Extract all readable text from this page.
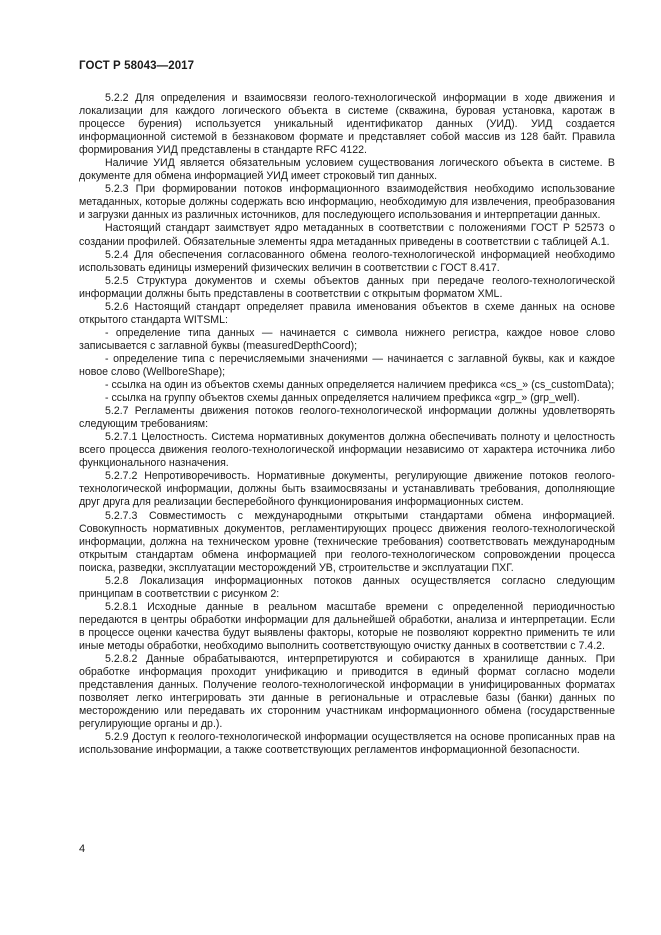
ГОСТ Р 58043—2017

5.2.2 Для определения и взаимосвязи геолого-технологической информации в ходе движения и локализации для каждого логического объекта в системе (скважина, буровая установка, каротаж в процессе бурения) используется уникальный идентификатор данных (УИД). УИД создается информационной системой в беззнаковом формате и представляет собой массив из 128 байт. Правила формирования УИД представлены в стандарте RFC 4122.

Наличие УИД является обязательным условием существования логического объекта в системе. В документе для обмена информацией УИД имеет строковый тип данных.

5.2.3 При формировании потоков информационного взаимодействия необходимо использование метаданных, которые должны содержать всю информацию, необходимую для извлечения, преобразования и загрузки данных из различных источников, для последующего использования и интерпретации данных.

Настоящий стандарт заимствует ядро метаданных в соответствии с положениями ГОСТ Р 52573 о создании профилей. Обязательные элементы ядра метаданных приведены в соответствии с таблицей А.1.

5.2.4 Для обеспечения согласованного обмена геолого-технологической информацией необходимо использовать единицы измерений физических величин в соответствии с ГОСТ 8.417.

5.2.5 Структура документов и схемы объектов данных при передаче геолого-технологической информации должны быть представлены в соответствии с открытым форматом XML.

5.2.6 Настоящий стандарт определяет правила именования объектов в схеме данных на основе открытого стандарта WITSML:

- определение типа данных — начинается с символа нижнего регистра, каждое новое слово записывается с заглавной буквы (measuredDepthCoord);

- определение типа с перечисляемыми значениями — начинается с заглавной буквы, как и каждое новое слово (WellboreShape);

- ссылка на один из объектов схемы данных определяется наличием префикса «cs_» (cs_customData);

- ссылка на группу объектов схемы данных определяется наличием префикса «grp_» (grp_well).

5.2.7 Регламенты движения потоков геолого-технологической информации должны удовлетворять следующим требованиям:

5.2.7.1 Целостность. Система нормативных документов должна обеспечивать полноту и целостность всего процесса движения геолого-технологической информации независимо от характера источника либо функционального назначения.

5.2.7.2 Непротиворечивость. Нормативные документы, регулирующие движение потоков геолого-технологической информации, должны быть взаимосвязаны и устанавливать требования, дополняющие друг друга для реализации бесперебойного функционирования информационных систем.

5.2.7.3 Совместимость с международными открытыми стандартами обмена информацией. Совокупность нормативных документов, регламентирующих процесс движения геолого-технологической информации, должна на техническом уровне (технические требования) соответствовать международным открытым стандартам обмена информацией при геолого-технологическом сопровождении процесса поиска, разведки, эксплуатации месторождений УВ, строительстве и эксплуатации ПХГ.

5.2.8 Локализация информационных потоков данных осуществляется согласно следующим принципам в соответствии с рисунком 2:

5.2.8.1 Исходные данные в реальном масштабе времени с определенной периодичностью передаются в центры обработки информации для дальнейшей обработки, анализа и интерпретации. Если в процессе оценки качества будут выявлены факторы, которые не позволяют корректно применить те или иные методы обработки, необходимо выполнить соответствующую очистку данных в соответствии с 7.4.2.

5.2.8.2 Данные обрабатываются, интерпретируются и собираются в хранилище данных. При обработке информация проходит унификацию и приводится в единый формат согласно модели представления данных. Получение геолого-технологической информации в унифицированных форматах позволяет легко интегрировать эти данные в региональные и отраслевые базы (банки) данных по месторождению или передавать их сторонним участникам информационного обмена (государственные регулирующие органы и др.).

5.2.9 Доступ к геолого-технологической информации осуществляется на основе прописанных прав на использование информации, а также соответствующих регламентов информационной безопасности.

4
